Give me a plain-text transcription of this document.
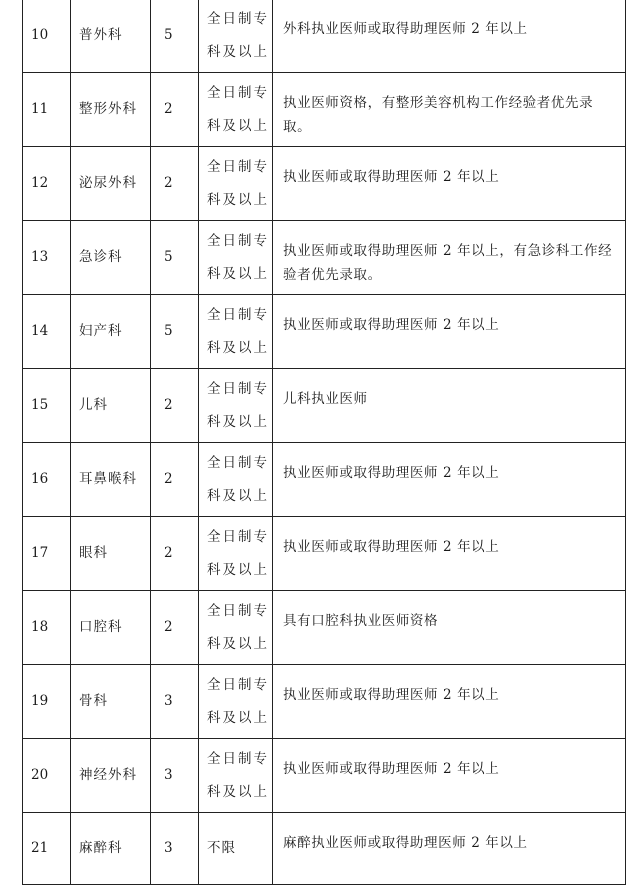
10	普外科	5	全日制专
科及以上	外科执业医师或取得助理医师 2 年以上

11	整形外科	2	全日制专
科及以上	执业医师资格，有整形美容机构工作经验者优先录取。

12	泌尿外科	2	全日制专
科及以上	执业医师或取得助理医师 2 年以上

13	急诊科	5	全日制专
科及以上	执业医师或取得助理医师 2 年以上，有急诊科工作经验者优先录取。

14	妇产科	5	全日制专
科及以上	执业医师或取得助理医师 2 年以上

15	儿科	2	全日制专
科及以上	儿科执业医师

16	耳鼻喉科	2	全日制专
科及以上	执业医师或取得助理医师 2 年以上

17	眼科	2	全日制专
科及以上	执业医师或取得助理医师 2 年以上

18	口腔科	2	全日制专
科及以上	具有口腔科执业医师资格

19	骨科	3	全日制专
科及以上	执业医师或取得助理医师 2 年以上

20	神经外科	3	全日制专
科及以上	执业医师或取得助理医师 2 年以上

21	麻醉科	3	不限	麻醉执业医师或取得助理医师 2 年以上
